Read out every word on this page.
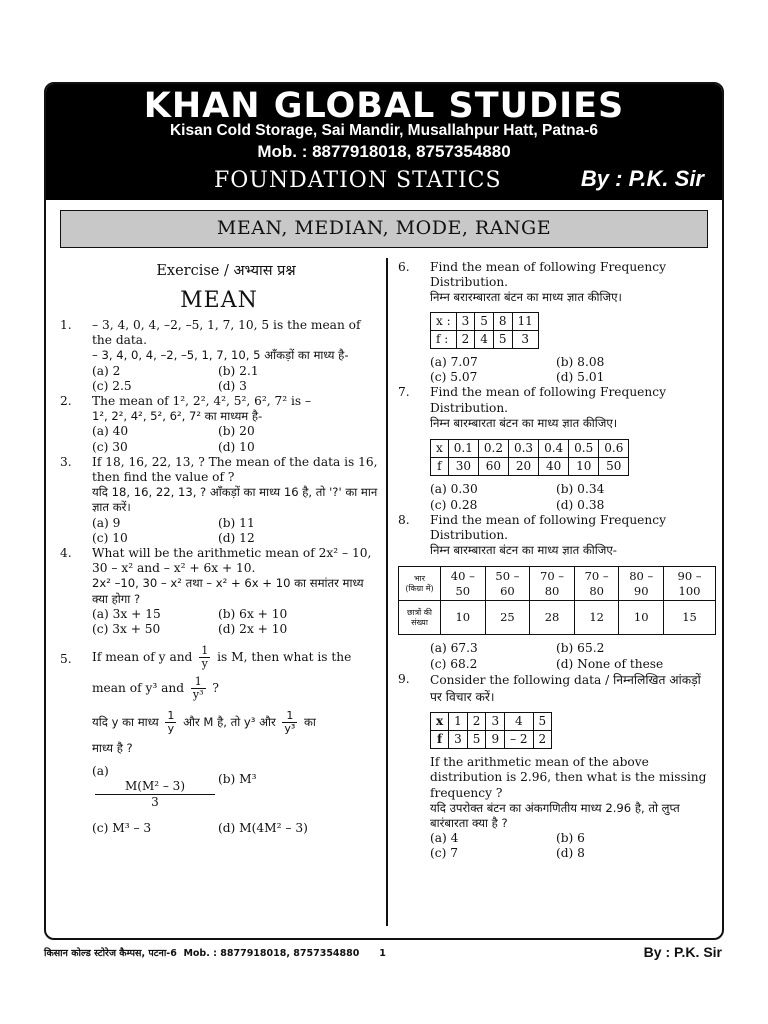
KHAN GLOBAL STUDIES
Kisan Cold Storage, Sai Mandir, Musallahpur Hatt, Patna-6
Mob. : 8877918018, 8757354880
FOUNDATION STATICS	By : P.K. Sir
MEAN, MEDIAN, MODE, RANGE
Exercise / अभ्यास प्रश्न
MEAN
1. – 3, 4, 0, 4, –2, –5, 1, 7, 10, 5 is the mean of the data.
– 3, 4, 0, 4, –2, –5, 1, 7, 10, 5 आँकड़ों का माध्य है-
(a) 2	(b) 2.1
(c) 2.5	(d) 3
2. The mean of 1², 2², 4², 5², 6², 7² is –
1², 2², 4², 5², 6², 7² का माध्यम है-
(a) 40	(b) 20
(c) 30	(d) 10
3. If 18, 16, 22, 13, ? The mean of the data is 16, then find the value of ?
यदि 18, 16, 22, 13, ? आँकड़ों का माध्य 16 है, तो '?' का मान ज्ञात करें।
(a) 9	(b) 11
(c) 10	(d) 12
4. What will be the arithmetic mean of 2x² – 10, 30 – x² and – x² + 6x + 10.
2x² –10, 30 – x² तथा – x² + 6x + 10 का समांतर माध्य क्या होगा ?
(a) 3x + 15	(b) 6x + 10
(c) 3x + 50	(d) 2x + 10
5. If mean of y and $\frac{1}{y}$ is M, then what is the
mean of y³ and $\frac{1}{\text{y³}}$ ?
यदि y का माध्य $\frac{1}{y}$ और M है, तो y³ और $\frac{1}{\text{y³}}$ का
माध्य है ?
(a)
M(M² – 3)
3
(b) M³
(c) M³ – 3	(d) M(4M² – 3)
6. Find the mean of following Frequency Distribution.
निम्न बरारम्बारता बंटन का माध्य ज्ञात कीजिए।
x :	3	5	8	11
f :	2	4	5	3
(a) 7.07	(b) 8.08
(c) 5.07	(d) 5.01
7. Find the mean of following Frequency Distribution.
निम्न बारम्बारता बंटन का माध्य ज्ञात कीजिए।
x	0.1	0.2	0.3	0.4	0.5	0.6
f	30	60	20	40	10	50
(a) 0.30	(b) 0.34
(c) 0.28	(d) 0.38
8. Find the mean of following Frequency Distribution.
निम्न बारम्बारता बंटन का माध्य ज्ञात कीजिए-
भार (किग्रा में)	40 – 50	50 – 60	70 – 80	70 – 80	80 – 90	90 – 100
छात्रों की संख्या	10	25	28	12	10	15
(a) 67.3	(b) 65.2
(c) 68.2	(d) None of these
9. Consider the following data / निम्नलिखित आंकड़ों पर विचार करें।
x	1	2	3	4	5
f	3	5	9	– 2	2
If the arithmetic mean of the above distribution is 2.96, then what is the missing frequency ?
यदि उपरोक्त बंटन का अंकगणितीय माध्य 2.96 है, तो लुप्त बारंबारता क्या है ?
(a) 4	(b) 6
(c) 7	(d) 8
किसान कोल्ड स्टोरेज कैम्पस, पटना-6  Mob. : 8877918018, 8757354880      1	By : P.K. Sir
